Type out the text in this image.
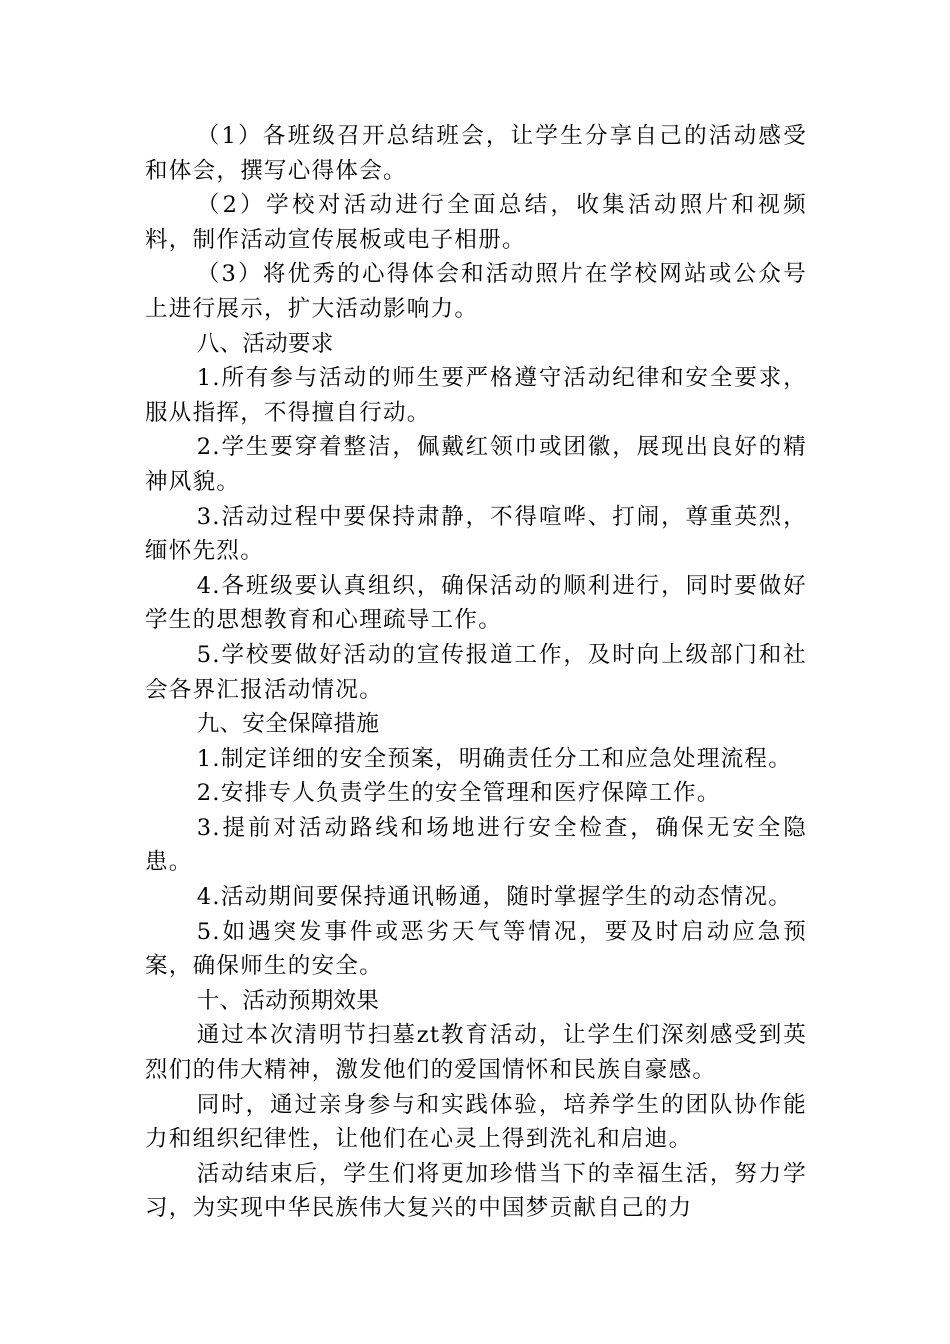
（1）各班级召开总结班会，让学生分享自己的活动感受和体会，撰写心得体会。

（2）学校对活动进行全面总结，收集活动照片和视频料，制作活动宣传展板或电子相册。

（3）将优秀的心得体会和活动照片在学校网站或公众号上进行展示，扩大活动影响力。

八、活动要求

1.所有参与活动的师生要严格遵守活动纪律和安全要求，服从指挥，不得擅自行动。

2.学生要穿着整洁，佩戴红领巾或团徽，展现出良好的精神风貌。

3.活动过程中要保持肃静，不得喧哗、打闹，尊重英烈，缅怀先烈。

4.各班级要认真组织，确保活动的顺利进行，同时要做好学生的思想教育和心理疏导工作。

5.学校要做好活动的宣传报道工作，及时向上级部门和社会各界汇报活动情况。

九、安全保障措施

1.制定详细的安全预案，明确责任分工和应急处理流程。

2.安排专人负责学生的安全管理和医疗保障工作。

3.提前对活动路线和场地进行安全检查，确保无安全隐患。

4.活动期间要保持通讯畅通，随时掌握学生的动态情况。

5.如遇突发事件或恶劣天气等情况，要及时启动应急预案，确保师生的安全。

十、活动预期效果

通过本次清明节扫墓zt教育活动，让学生们深刻感受到英烈们的伟大精神，激发他们的爱国情怀和民族自豪感。

同时，通过亲身参与和实践体验，培养学生的团队协作能力和组织纪律性，让他们在心灵上得到洗礼和启迪。

活动结束后，学生们将更加珍惜当下的幸福生活，努力学习，为实现中华民族伟大复兴的中国梦贡献自己的力
